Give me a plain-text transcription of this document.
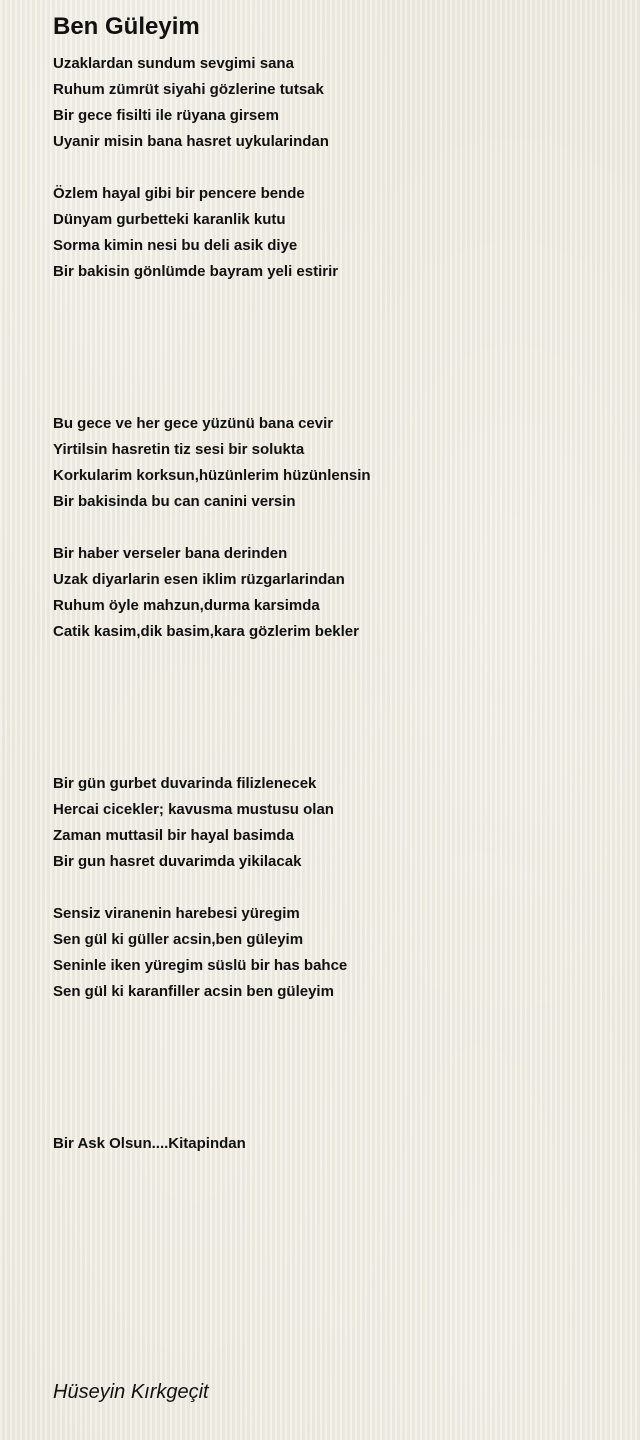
Ben Güleyim
Uzaklardan sundum sevgimi sana
Ruhum zümrüt siyahi gözlerine tutsak
Bir gece fisilti ile rüyana girsem
Uyanir misin bana hasret uykularindan
Özlem hayal gibi bir pencere bende
Dünyam gurbetteki karanlik kutu
Sorma kimin nesi bu deli asik diye
Bir bakisin gönlümde bayram yeli estirir
Bu gece ve her gece yüzünü bana cevir
Yirtilsin hasretin tiz sesi bir solukta
Korkularim korksun,hüzünlerim hüzünlensin
Bir bakisinda bu can canini versin
Bir haber verseler bana derinden
Uzak diyarlarin esen iklim rüzgarlarindan
Ruhum öyle mahzun,durma karsimda
Catik kasim,dik basim,kara gözlerim bekler
Bir gün gurbet duvarinda filizlenecek
Hercai cicekler; kavusma mustusu olan
Zaman muttasil bir hayal basimda
Bir gun hasret duvarimda yikilacak
Sensiz viranenin harebesi yüregim
Sen gül ki güller acsin,ben güleyim
Seninle iken yüregim süslü bir has bahce
Sen gül ki karanfiller acsin ben güleyim
Bir Ask Olsun....Kitapindan
Hüseyin Kırkgeçit
